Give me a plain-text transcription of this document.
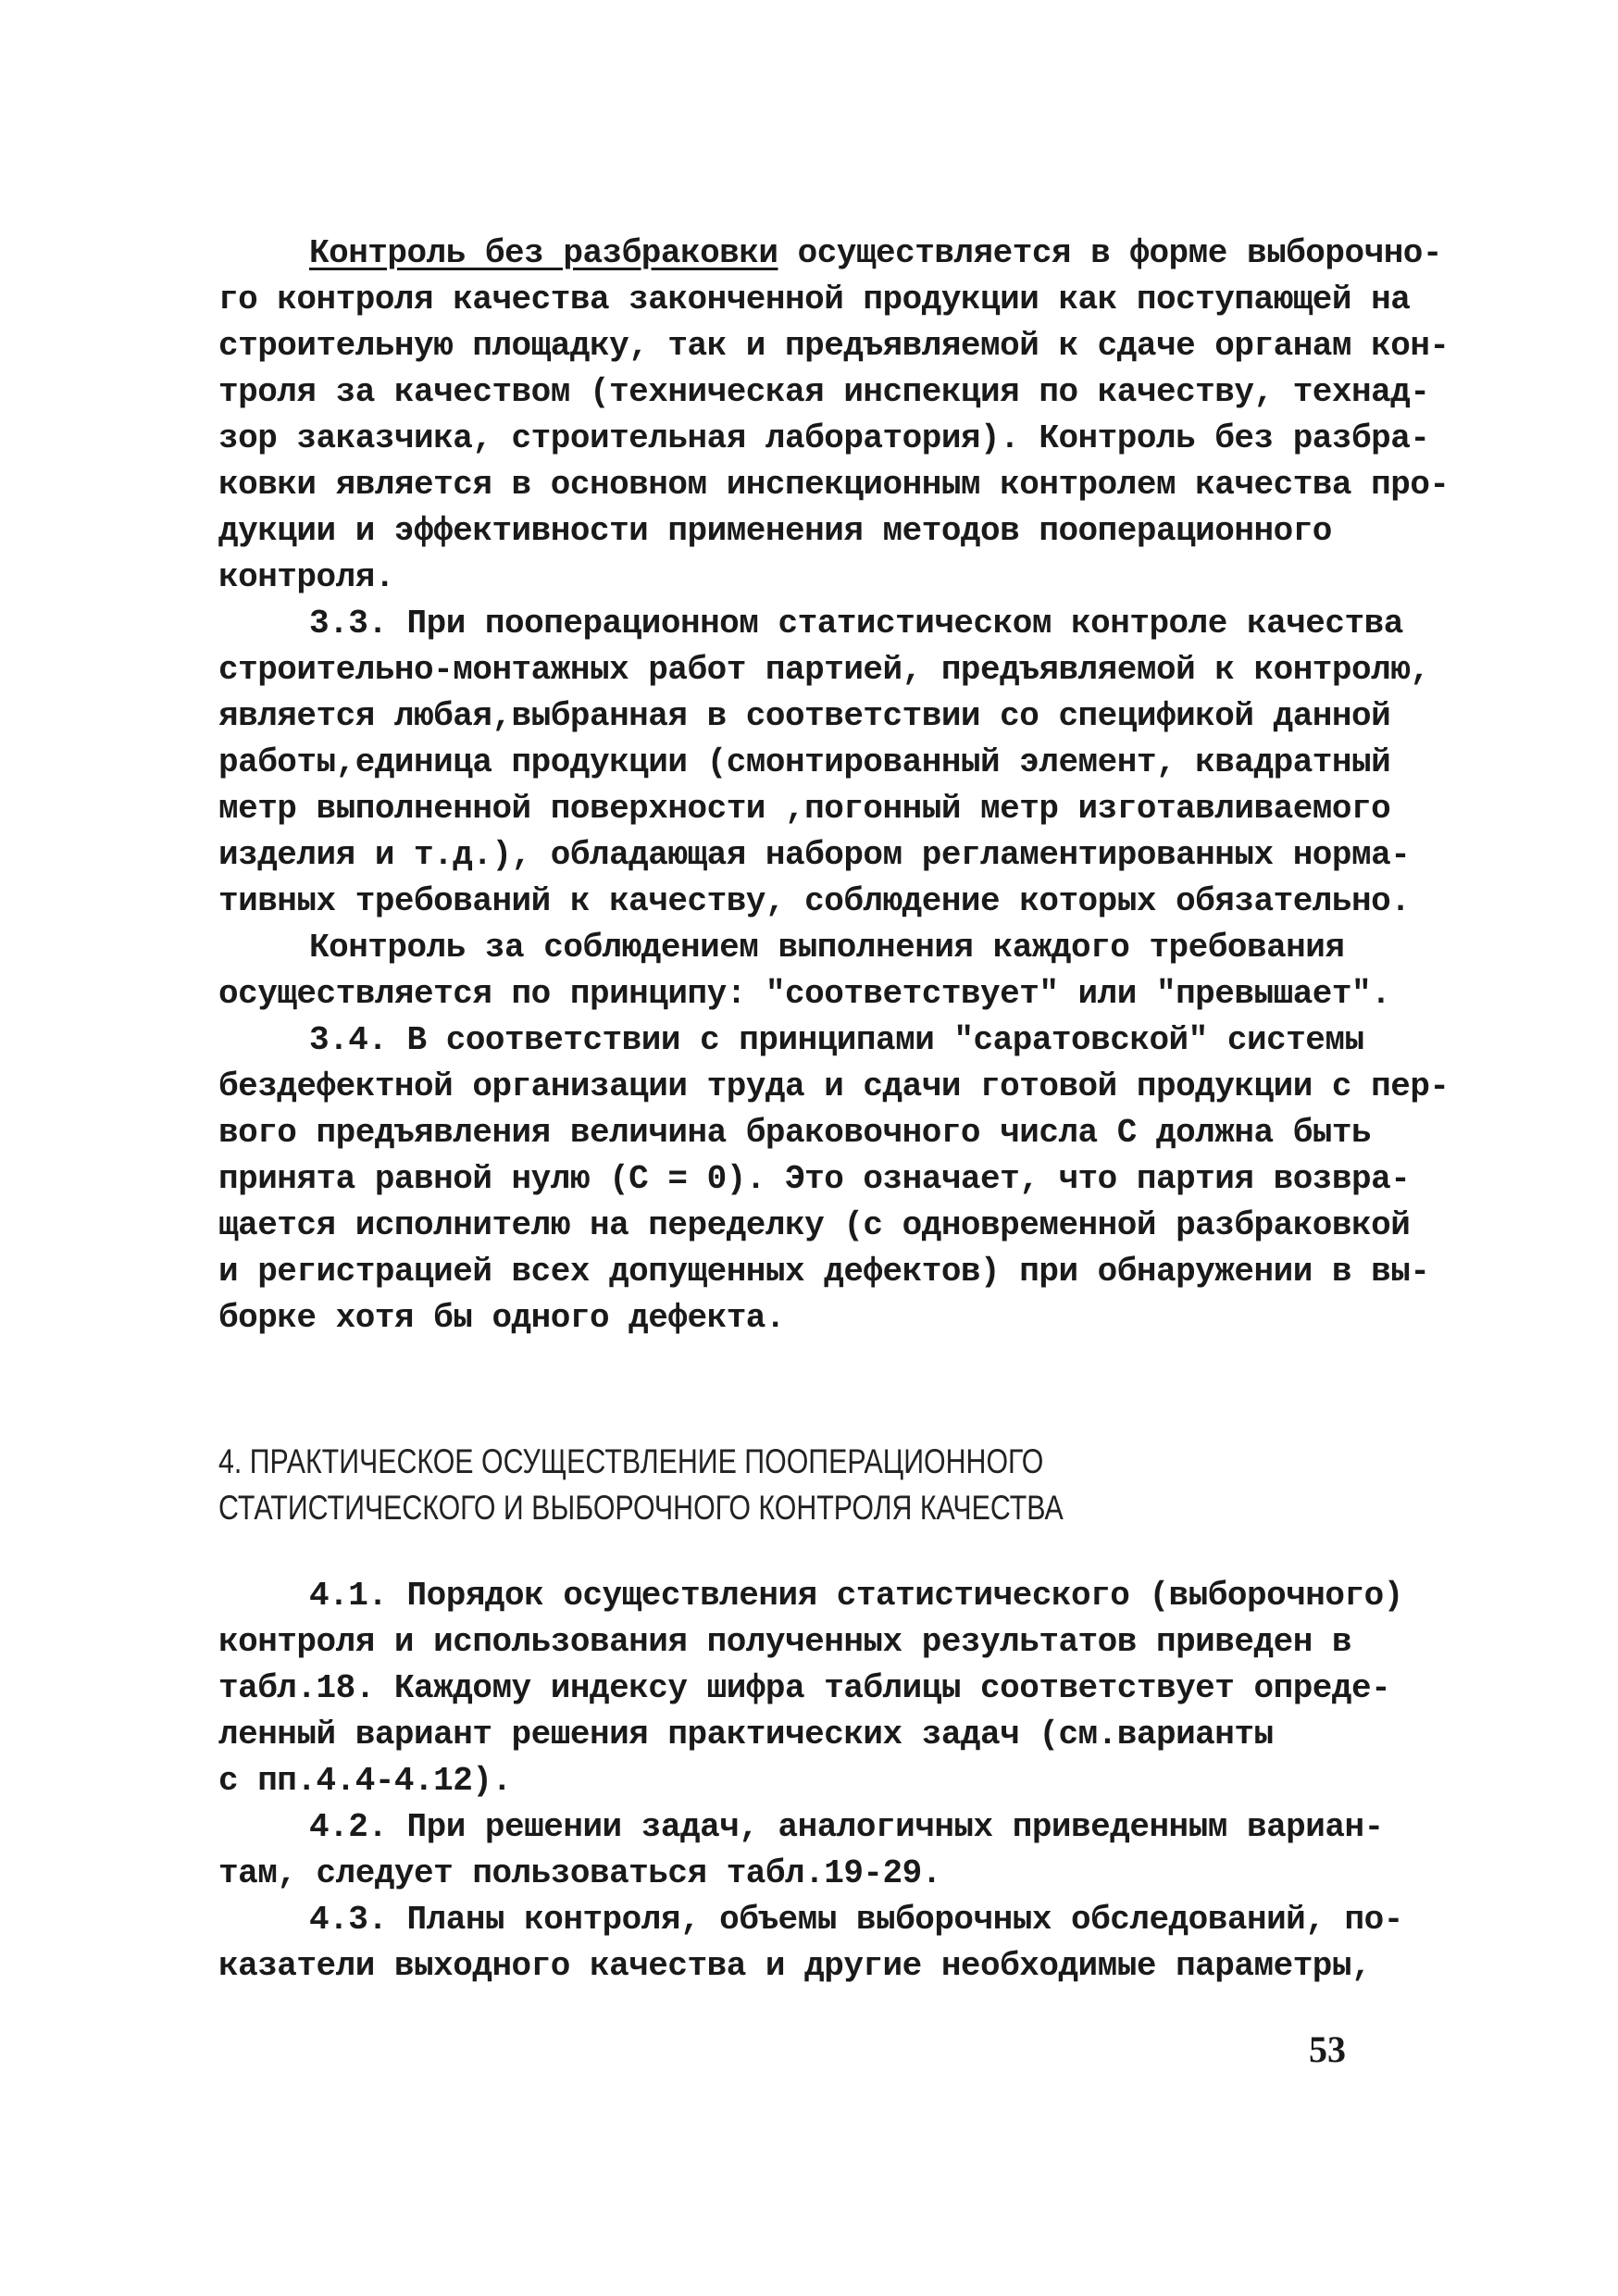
Контроль без разбраковки осуществляется в форме выборочно-
го контроля качества законченной продукции как поступающей на
строительную площадку, так и предъявляемой к сдаче органам кон-
троля за качеством (техническая инспекция по качеству, технад-
зор заказчика, строительная лаборатория). Контроль без разбра-
ковки является в основном инспекционным контролем качества про-
дукции и эффективности применения методов пооперационного
контроля.
3.3. При пооперационном статистическом контроле качества
строительно-монтажных работ партией, предъявляемой к контролю,
является любая,выбранная в соответствии со спецификой данной
работы,единица продукции (смонтированный элемент, квадратный
метр выполненной поверхности ,погонный метр изготавливаемого
изделия и т.д.), обладающая набором регламентированных норма-
тивных требований к качеству, соблюдение которых обязательно.
Контроль за соблюдением выполнения каждого требования
осуществляется по принципу: "соответствует" или "превышает".
3.4. В соответствии с принципами "саратовской" системы
бездефектной организации труда и сдачи готовой продукции с пер-
вого предъявления величина браковочного числа С должна быть
принята равной нулю (С = 0). Это означает, что партия возвра-
щается исполнителю на переделку (с одновременной разбраковкой
и регистрацией всех допущенных дефектов) при обнаружении в вы-
борке хотя бы одного дефекта.
4. ПРАКТИЧЕСКОЕ ОСУЩЕСТВЛЕНИЕ ПООПЕРАЦИОННОГО
СТАТИСТИЧЕСКОГО И ВЫБОРОЧНОГО КОНТРОЛЯ КАЧЕСТВА
4.1. Порядок осуществления статистического (выборочного)
контроля и использования полученных результатов приведен в
табл.18. Каждому индексу шифра таблицы соответствует опреде-
ленный вариант решения практических задач (см.варианты
с пп.4.4-4.12).
4.2. При решении задач, аналогичных приведенным вариан-
там, следует пользоваться табл.19-29.
4.3. Планы контроля, объемы выборочных обследований, по-
казатели выходного качества и другие необходимые параметры,
53
